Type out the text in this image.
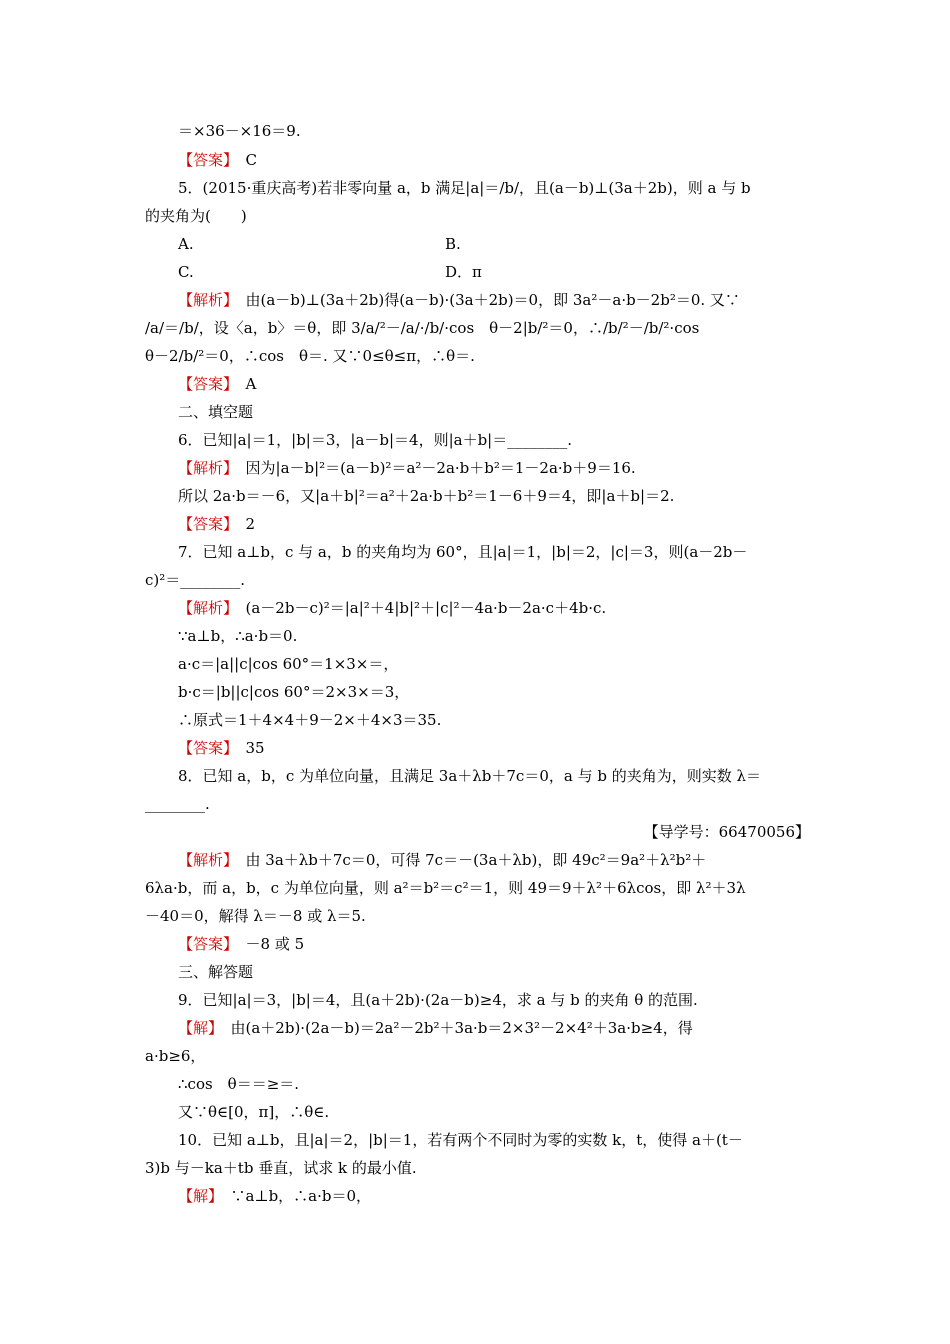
＝×36－×16＝9.
【答案】　C
5．(2015·重庆高考)若非零向量 a，b 满足|a|＝/b/，且(a－b)⊥(3a＋2b)，则 a 与 b
的夹角为(　　)
A.	B.
C.	D．π
【解析】　由(a－b)⊥(3a＋2b)得(a－b)·(3a＋2b)＝0，即 3a²－a·b－2b²＝0. 又∵
/a/＝/b/，设〈a，b〉＝θ，即 3/a/²－/a/·/b/·cos　θ－2|b/²＝0，∴/b/²－/b/²·cos
θ－2/b/²＝0，∴cos　θ＝. 又∵0≤θ≤π，∴θ＝.
【答案】　A
二、填空题
6．已知|a|＝1，|b|＝3，|a－b|＝4，则|a＋b|＝________.
【解析】　因为|a－b|²＝(a－b)²＝a²－2a·b＋b²＝1－2a·b＋9＝16.
所以 2a·b＝－6，又|a＋b|²＝a²＋2a·b＋b²＝1－6＋9＝4，即|a＋b|＝2.
【答案】　2
7．已知 a⊥b，c 与 a，b 的夹角均为 60°，且|a|＝1，|b|＝2，|c|＝3，则(a－2b－
c)²＝________.
【解析】　(a－2b－c)²＝|a|²＋4|b|²＋|c|²－4a·b－2a·c＋4b·c.
∵a⊥b，∴a·b＝0.
a·c＝|a||c|cos 60°＝1×3×＝，
b·c＝|b||c|cos 60°＝2×3×＝3，
∴原式＝1＋4×4＋9－2×＋4×3＝35.
【答案】　35
8．已知 a，b，c 为单位向量，且满足 3a＋λb＋7c＝0，a 与 b 的夹角为，则实数 λ＝
________.
【导学号：66470056】
【解析】　由 3a＋λb＋7c＝0，可得 7c＝－(3a＋λb)，即 49c²＝9a²＋λ²b²＋
6λa·b，而 a，b，c 为单位向量，则 a²＝b²＝c²＝1，则 49＝9＋λ²＋6λcos，即 λ²＋3λ
－40＝0，解得 λ＝－8 或 λ＝5.
【答案】　－8 或 5
三、解答题
9．已知|a|＝3，|b|＝4，且(a＋2b)·(2a－b)≥4，求 a 与 b 的夹角 θ 的范围.
【解】　由(a＋2b)·(2a－b)＝2a²－2b²＋3a·b＝2×3²－2×4²＋3a·b≥4，得
a·b≥6，
∴cos　θ＝＝≥＝.
又∵θ∈[0，π]，∴θ∈.
10．已知 a⊥b，且|a|＝2，|b|＝1，若有两个不同时为零的实数 k，t，使得 a＋(t－
3)b 与－ka＋tb 垂直，试求 k 的最小值.
【解】　∵a⊥b，∴a·b＝0，
